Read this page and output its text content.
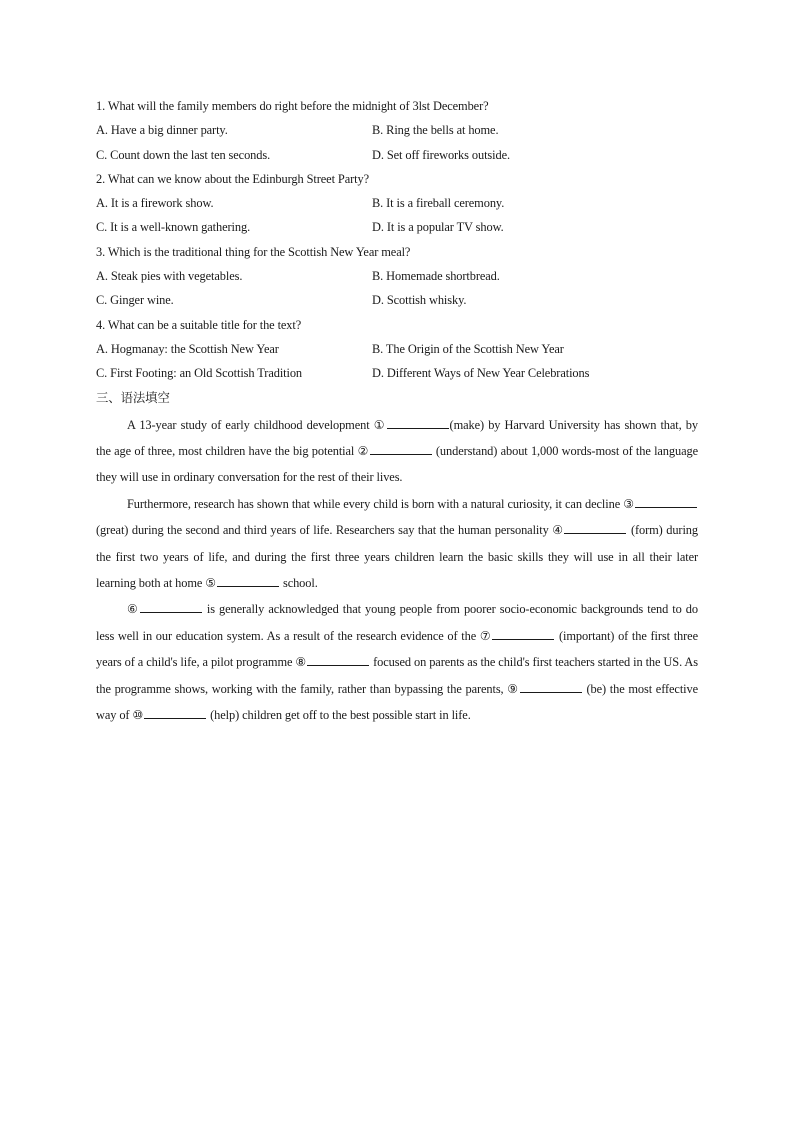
1. What will the family members do right before the midnight of 3lst December?
A. Have a big dinner party.	B. Ring the bells at home.
C. Count down the last ten seconds.	D. Set off fireworks outside.
2. What can we know about the Edinburgh Street Party?
A. It is a firework show.	B. It is a fireball ceremony.
C. It is a well-known gathering.	D. It is a popular TV show.
3. Which is the traditional thing for the Scottish New Year meal?
A. Steak pies with vegetables.	B. Homemade shortbread.
C. Ginger wine.	D. Scottish whisky.
4. What can be a suitable title for the text?
A. Hogmanay: the Scottish New Year	B. The Origin of the Scottish New Year
C. First Footing: an Old Scottish Tradition	D. Different Ways of New Year Celebrations
三、语法填空

A 13-year study of early childhood development ①	(make) by Harvard University has shown that, by the age of three, most children have the big potential ②	(understand) about 1,000 words-most of the language they will use in ordinary conversation for the rest of their lives.

Furthermore, research has shown that while every child is born with a natural curiosity, it can decline ③ (great) during the second and third years of life. Researchers say that the human personality ④	(form) during the first two years of life, and during the first three years children learn the basic skills they will use in all their later learning both at home ⑤	school.

⑥	is generally acknowledged that young people from poorer socio-economic backgrounds tend to do less well in our education system. As a result of the research evidence of the ⑦	(important) of the first three years of a child's life, a pilot programme ⑧	focused on parents as the child's first teachers started in the US. As the programme shows, working with the family, rather than bypassing the parents, ⑨	(be) the most effective way of ⑩	(help) children get off to the best possible start in life.
